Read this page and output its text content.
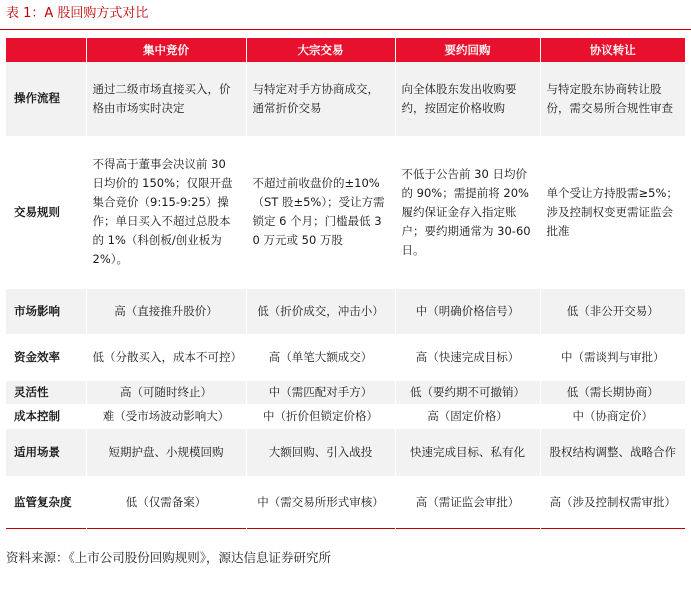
表 1：A 股回购方式对比
	集中竞价	大宗交易	要约回购	协议转让
操作流程	通过二级市场直接买入，价格由市场实时决定	与特定对手方协商成交，通常折价交易	向全体股东发出收购要约，按固定价格收购	与特定股东协商转让股份，需交易所合规性审查
交易规则	不得高于董事会决议前 30 日均价的 150%；仅限开盘集合竞价（9:15-9:25）操作；单日买入不超过总股本的 1%（科创板/创业板为 2%）。	不超过前收盘价的±10%（ST 股±5%）；受让方需锁定 6 个月；门槛最低 30 万元或 50 万股	不低于公告前 30 日均价的 90%；需提前将 20%履约保证金存入指定账户；要约期通常为 30-60 日。	单个受让方持股需≥5%；涉及控制权变更需证监会批准
市场影响	高（直接推升股价）	低（折价成交，冲击小）	中（明确价格信号）	低（非公开交易）
资金效率	低（分散买入，成本不可控）	高（单笔大额成交）	高（快速完成目标）	中（需谈判与审批）
灵活性	高（可随时终止）	中（需匹配对手方）	低（要约期不可撤销）	低（需长期协商）
成本控制	难（受市场波动影响大）	中（折价但锁定价格）	高（固定价格）	中（协商定价）
适用场景	短期护盘、小规模回购	大额回购、引入战投	快速完成目标、私有化	股权结构调整、战略合作
监管复杂度	低（仅需备案）	中（需交易所形式审核）	高（需证监会审批）	高（涉及控制权需审批）
资料来源：《上市公司股份回购规则》，源达信息证券研究所
